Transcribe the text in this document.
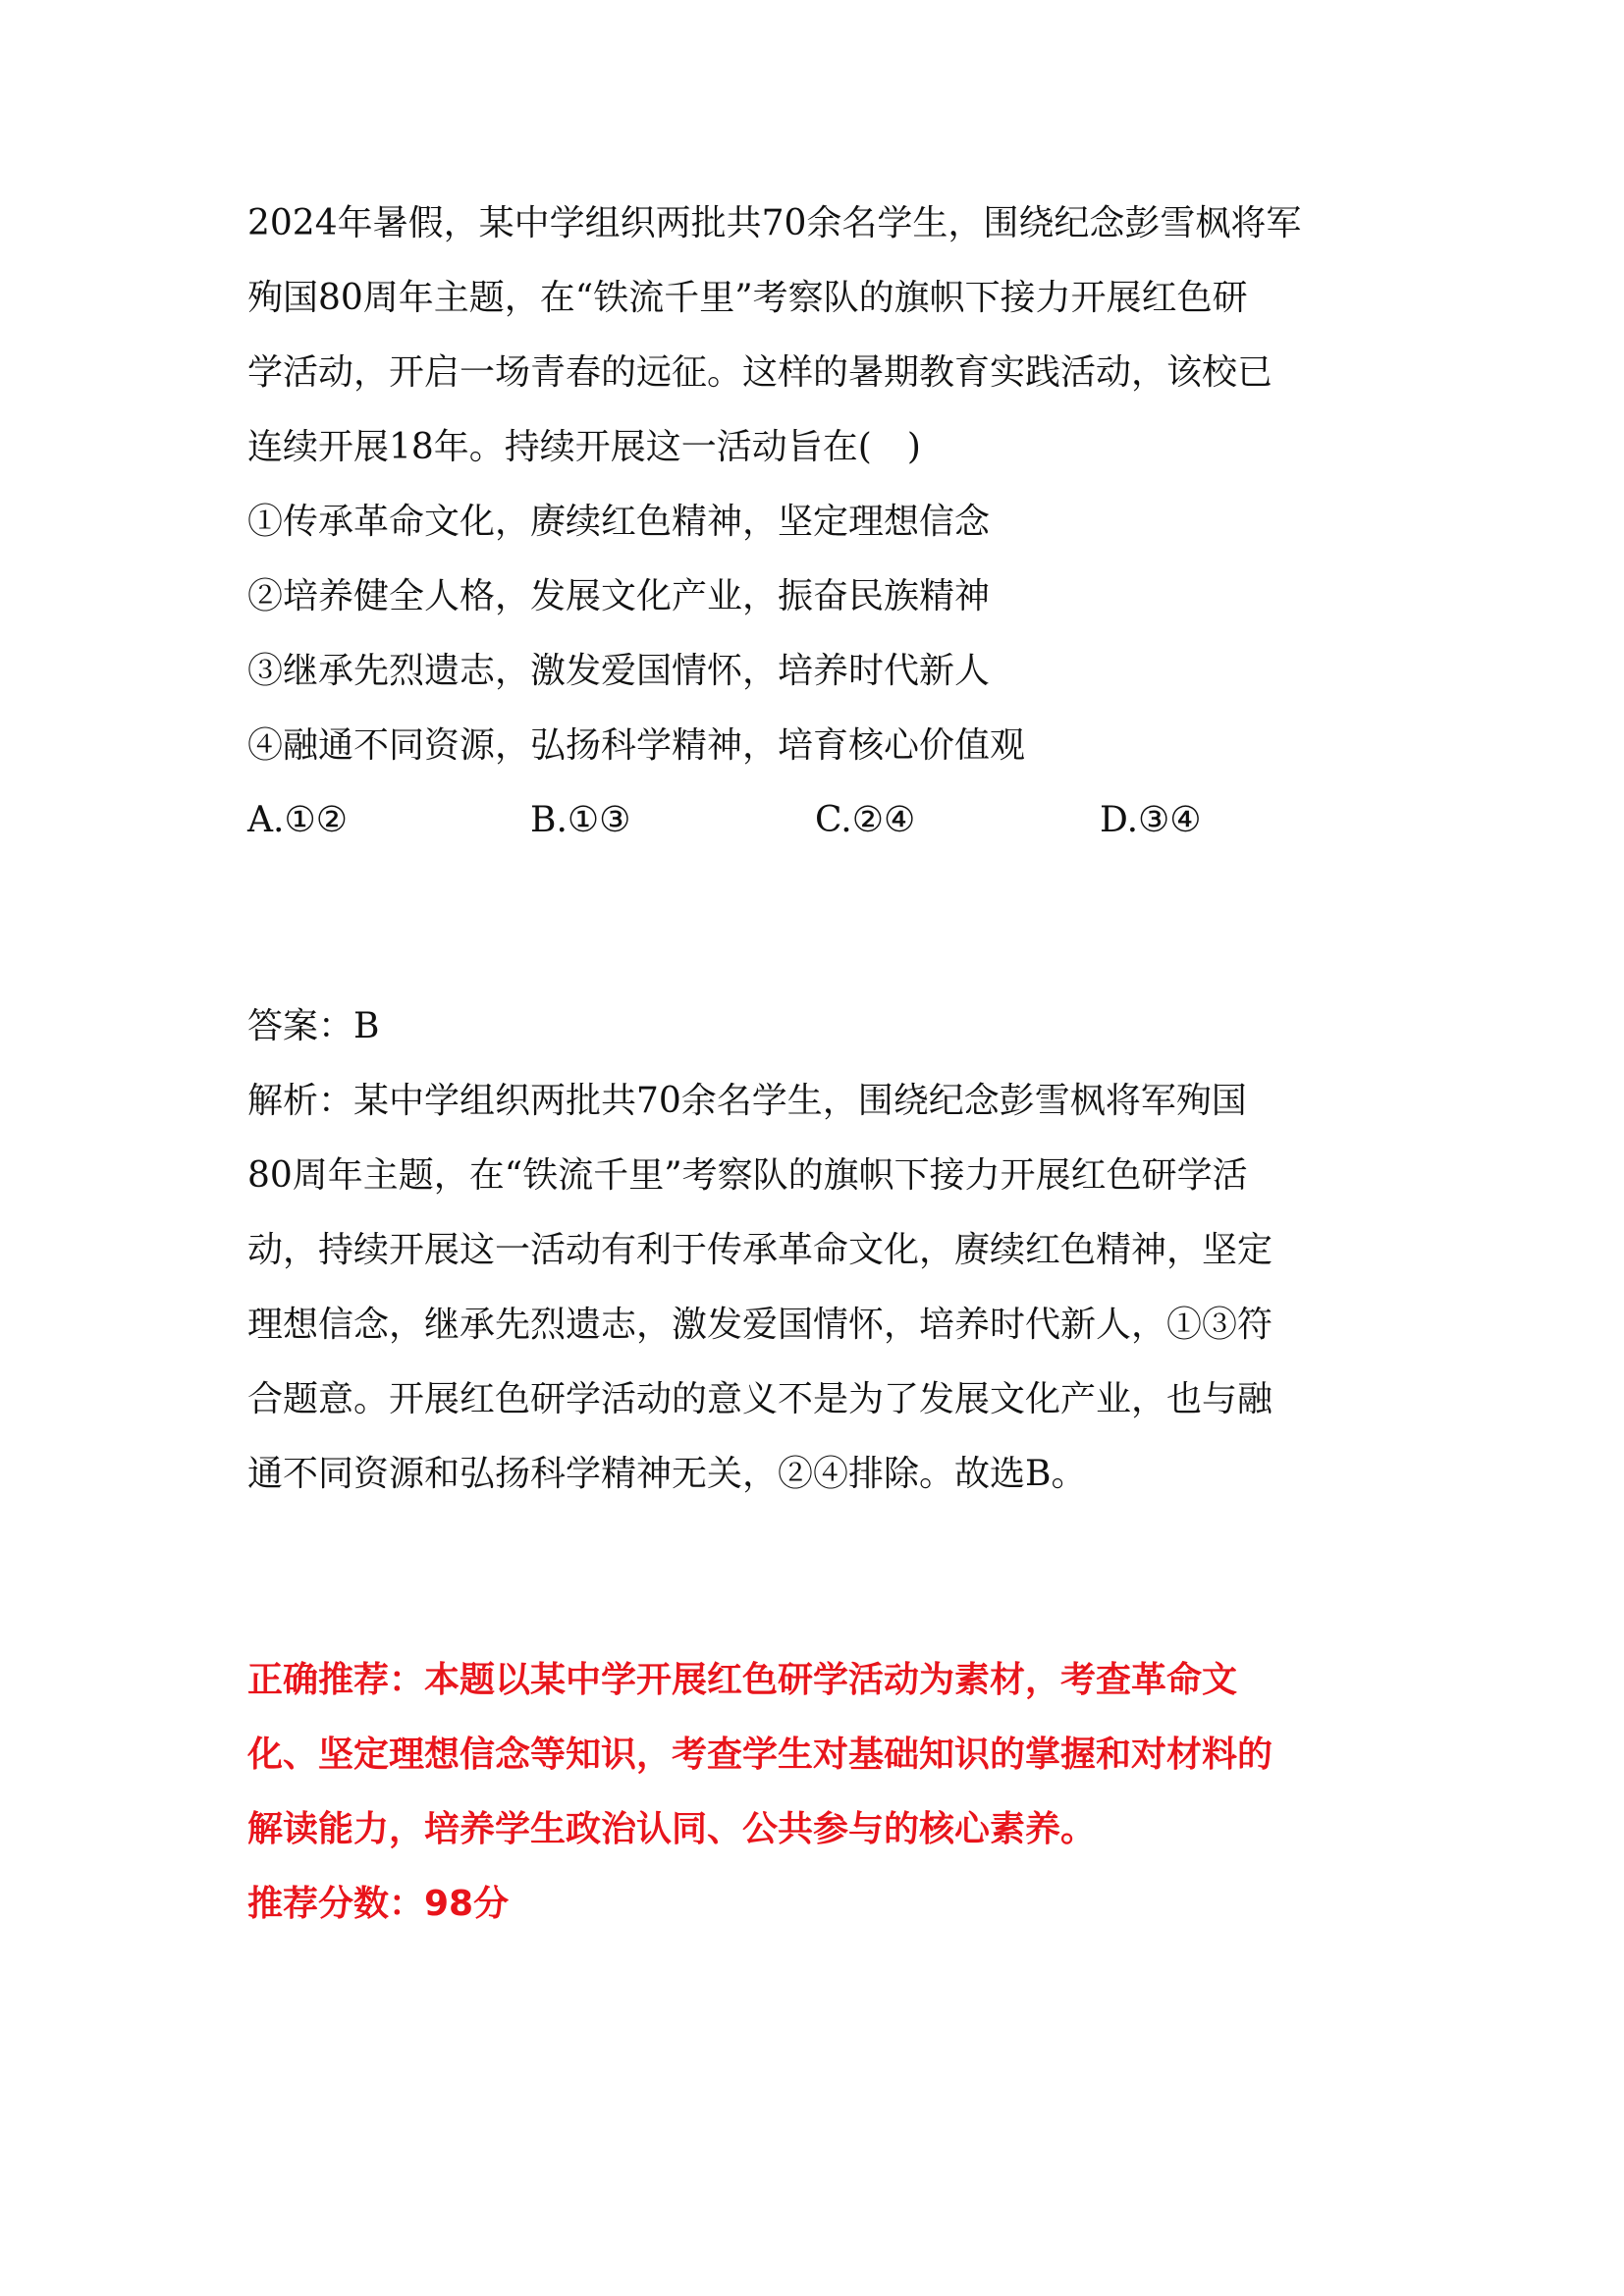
2024年暑假，某中学组织两批共70余名学生，围绕纪念彭雪枫将军
殉国80周年主题，在“铁流千里”考察队的旗帜下接力开展红色研
学活动，开启一场青春的远征。这样的暑期教育实践活动，该校已
连续开展18年。持续开展这一活动旨在(　)
①传承革命文化，赓续红色精神，坚定理想信念
②培养健全人格，发展文化产业，振奋民族精神
③继承先烈遗志，激发爱国情怀，培养时代新人
④融通不同资源，弘扬科学精神，培育核心价值观
A.①②	B.①③	C.②④	D.③④
答案：B
解析：某中学组织两批共70余名学生，围绕纪念彭雪枫将军殉国
80周年主题，在“铁流千里”考察队的旗帜下接力开展红色研学活
动，持续开展这一活动有利于传承革命文化，赓续红色精神，坚定
理想信念，继承先烈遗志，激发爱国情怀，培养时代新人，①③符
合题意。开展红色研学活动的意义不是为了发展文化产业，也与融
通不同资源和弘扬科学精神无关，②④排除。故选B。
正确推荐：本题以某中学开展红色研学活动为素材，考查革命文
化、坚定理想信念等知识，考查学生对基础知识的掌握和对材料的
解读能力，培养学生政治认同、公共参与的核心素养。
推荐分数：98分
